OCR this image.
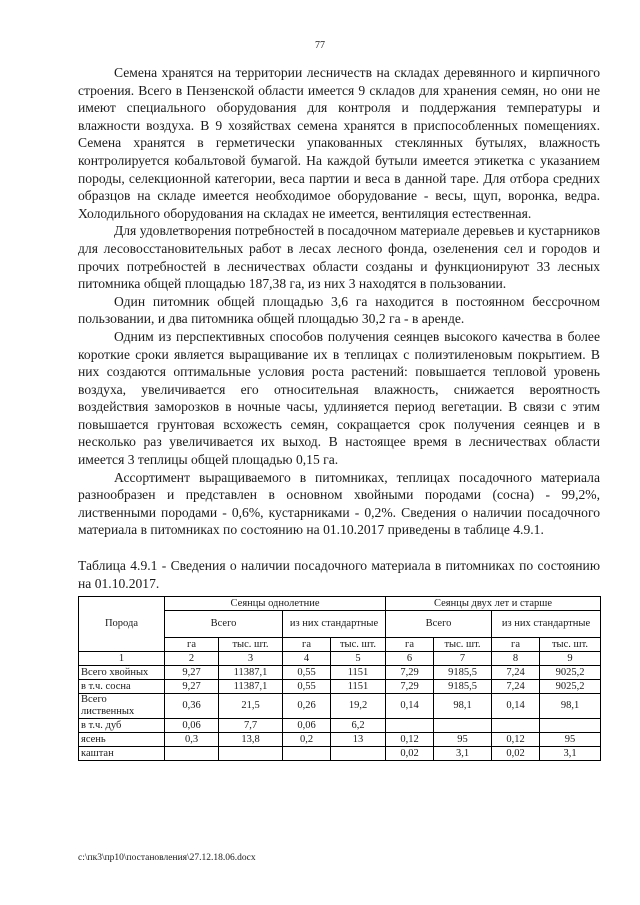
77

Семена хранятся на территории лесничеств на складах деревянного и кирпичного строения. Всего в Пензенской области имеется 9 складов для хранения семян, но они не имеют специального оборудования для контроля и поддержания температуры и влажности воздуха. В 9 хозяйствах семена хранятся в приспособленных помещениях. Семена хранятся в герметически упакованных стеклянных бутылях, влажность контролируется кобальтовой бумагой. На каждой бутыли имеется этикетка с указанием породы, селекционной категории, веса партии и веса в данной таре. Для отбора средних образцов на складе имеется необходимое оборудование - весы, щуп, воронка, ведра. Холодильного оборудования на складах не имеется, вентиляция естественная.

Для удовлетворения потребностей в посадочном материале деревьев и кустарников для лесовосстановительных работ в лесах лесного фонда, озеленения сел и городов и прочих потребностей в лесничествах области созданы и функционируют 33 лесных питомника общей площадью 187,38 га, из них 3 находятся в пользовании.

Один питомник общей площадью 3,6 га находится в постоянном бессрочном пользовании, и два питомника общей площадью 30,2 га - в аренде.

Одним из перспективных способов получения сеянцев высокого качества в более короткие сроки является выращивание их в теплицах с полиэтиленовым покрытием. В них создаются оптимальные условия роста растений: повышается тепловой уровень воздуха, увеличивается его относительная влажность, снижается вероятность воздействия заморозков в ночные часы, удлиняется период вегетации. В связи с этим повышается грунтовая всхожесть семян, сокращается срок получения сеянцев и в несколько раз увеличивается их выход. В настоящее время в лесничествах области имеется 3 теплицы общей площадью 0,15 га.

Ассортимент выращиваемого в питомниках, теплицах посадочного материала разнообразен и представлен в основном хвойными породами (сосна) - 99,2%, лиственными породами - 0,6%, кустарниками - 0,2%. Сведения о наличии посадочного материала в питомниках по состоянию на 01.10.2017 приведены в таблице 4.9.1.

Таблица 4.9.1 - Сведения о наличии посадочного материала в питомниках по состоянию на 01.10.2017.

Порода	Сеянцы однолетние				Сеянцы двух лет и старше			
	Всего		из них стандартные		Всего		из них стандартные	
	га	тыс. шт.	га	тыс. шт.	га	тыс. шт.	га	тыс. шт.
1	2	3	4	5	6	7	8	9
Всего хвойных	9,27	11387,1	0,55	1151	7,29	9185,5	7,24	9025,2
в т.ч. сосна	9,27	11387,1	0,55	1151	7,29	9185,5	7,24	9025,2
Всего лиственных	0,36	21,5	0,26	19,2	0,14	98,1	0,14	98,1
в т.ч. дуб	0,06	7,7	0,06	6,2				
ясень	0,3	13,8	0,2	13	0,12	95	0,12	95
каштан					0,02	3,1	0,02	3,1
c:\пк3\пр10\постановления\27.12.18.06.docx
